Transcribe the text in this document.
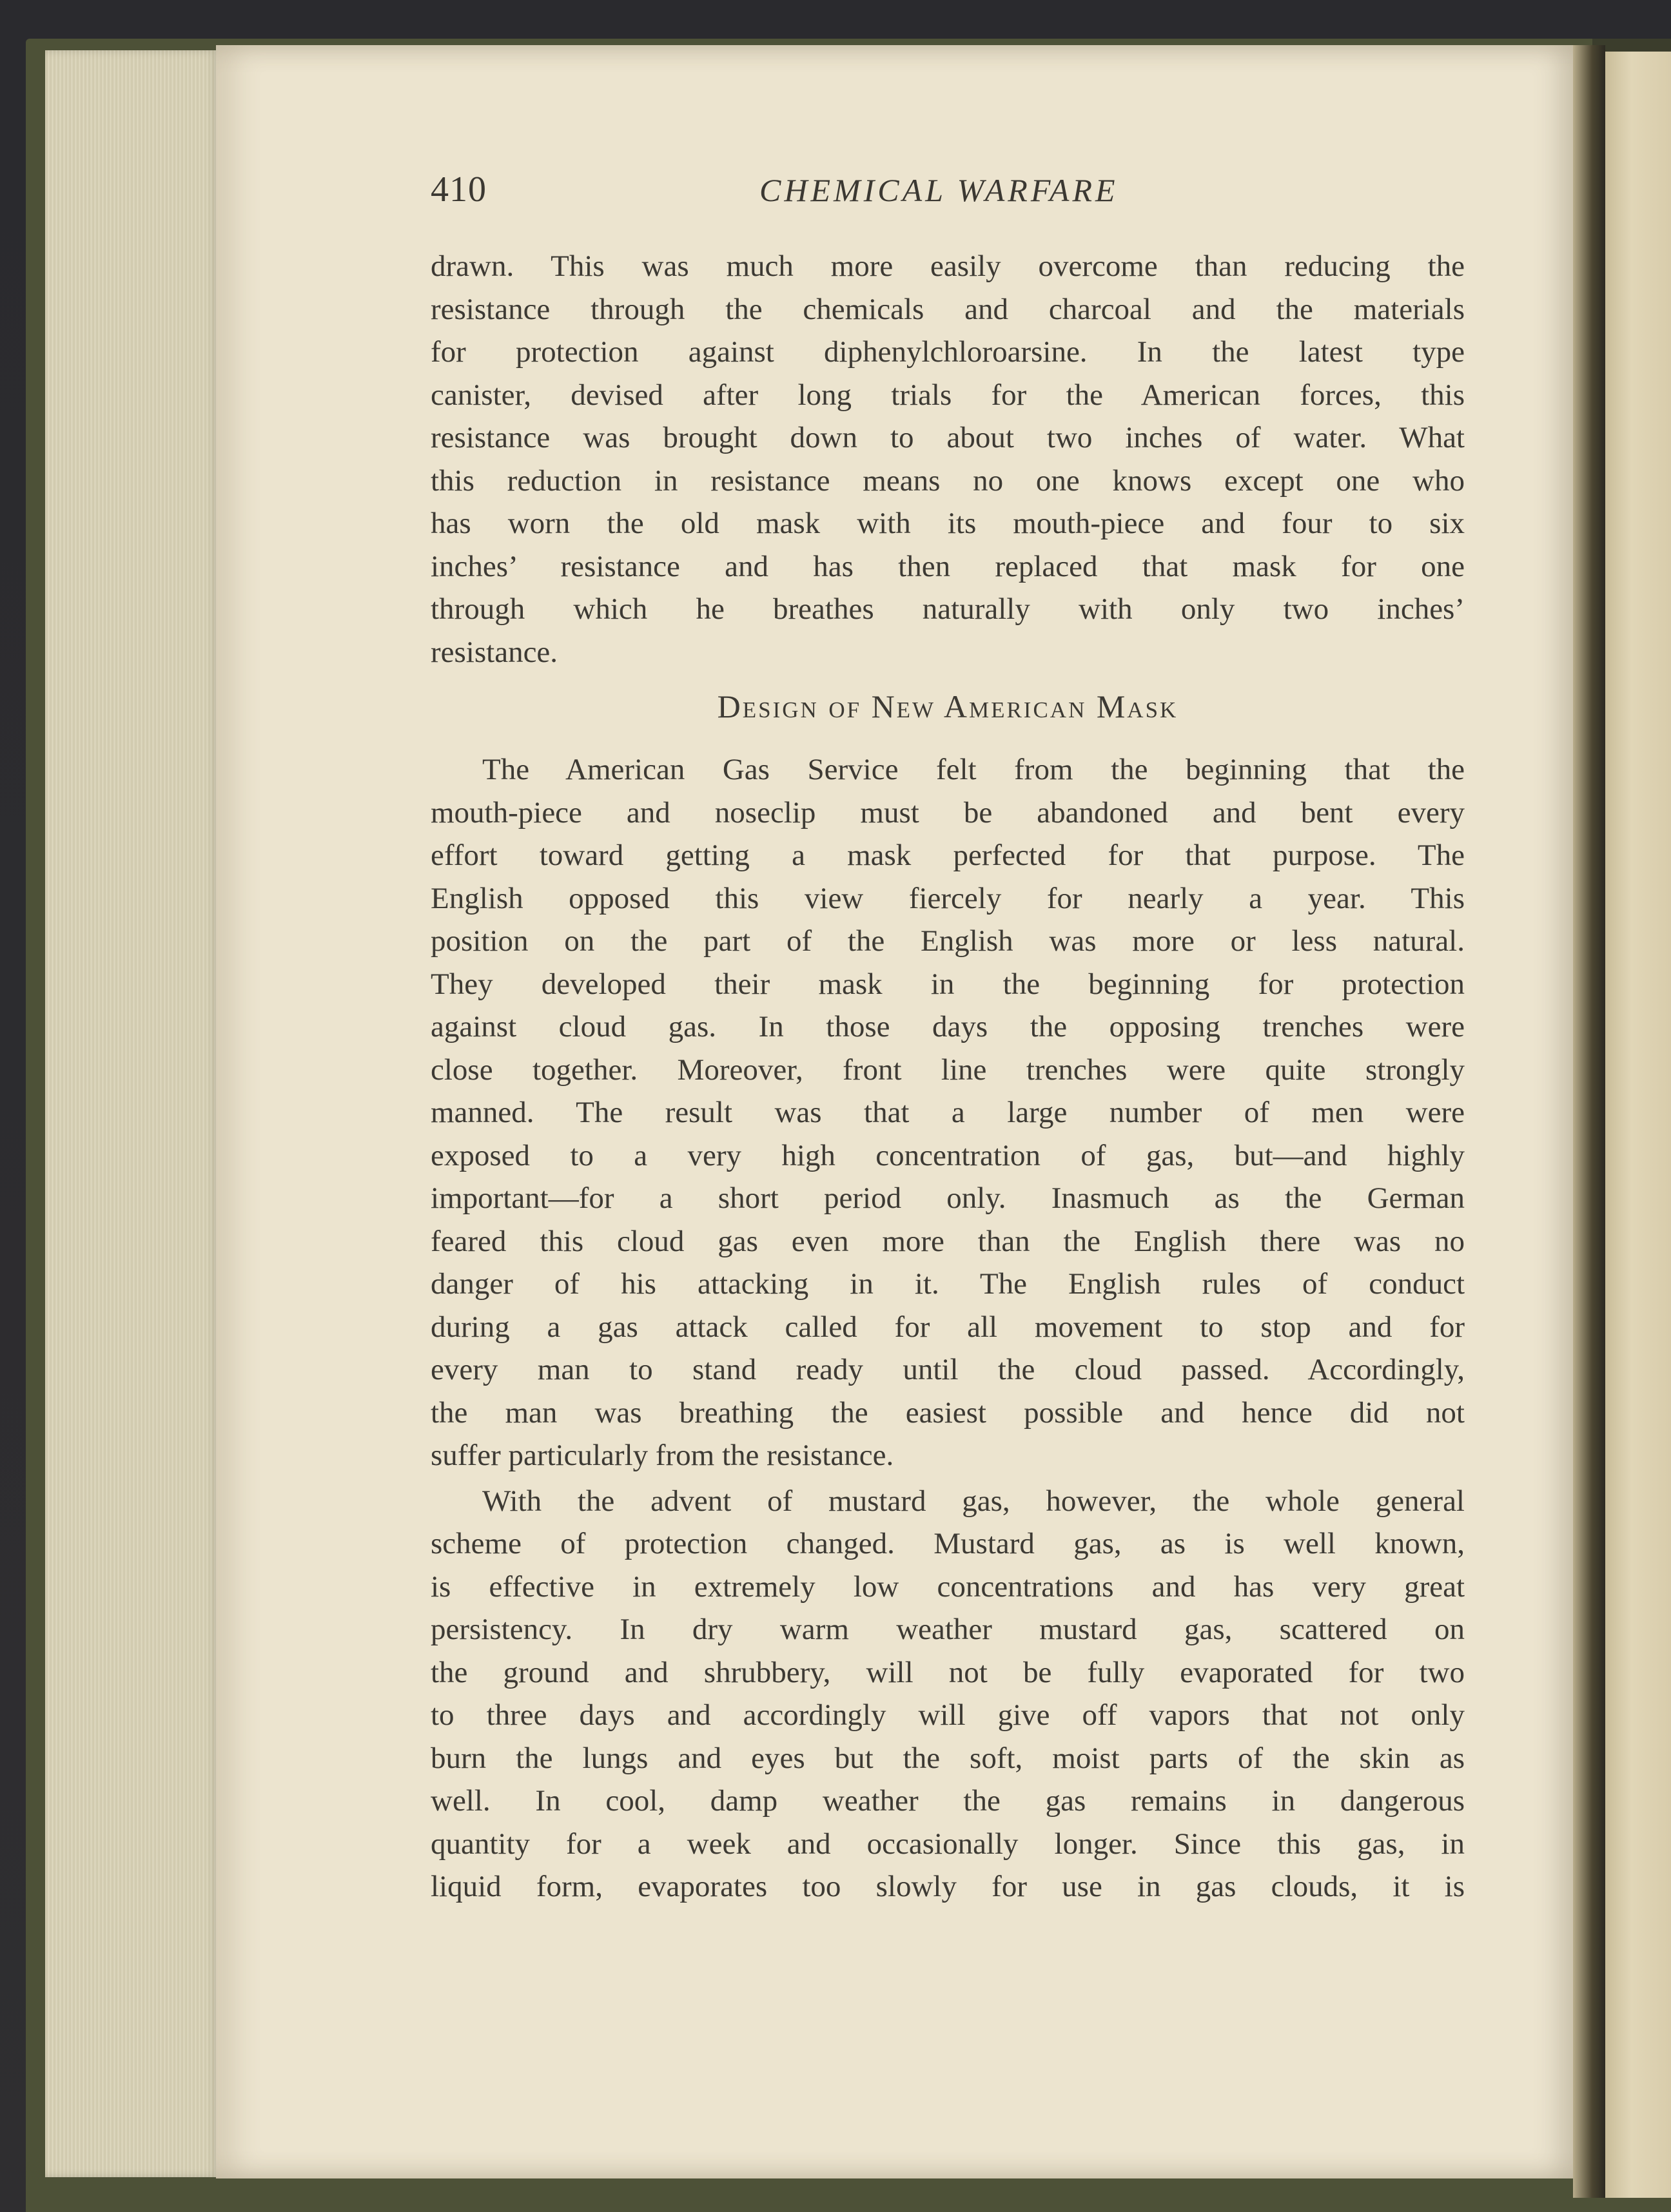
410	CHEMICAL WARFARE
drawn. This was much more easily overcome than reducing the
resistance through the chemicals and charcoal and the materials
for protection against diphenylchloroarsine. In the latest type
canister, devised after long trials for the American forces, this
resistance was brought down to about two inches of water. What
this reduction in resistance means no one knows except one who
has worn the old mask with its mouth-piece and four to six
inches’ resistance and has then replaced that mask for one
through which he breathes naturally with only two inches’
resistance.
Design of New American Mask
The American Gas Service felt from the beginning that the
mouth-piece and noseclip must be abandoned and bent every
effort toward getting a mask perfected for that purpose. The
English opposed this view fiercely for nearly a year. This
position on the part of the English was more or less natural.
They developed their mask in the beginning for protection
against cloud gas. In those days the opposing trenches were
close together. Moreover, front line trenches were quite strongly
manned. The result was that a large number of men were
exposed to a very high concentration of gas, but—and highly
important—for a short period only. Inasmuch as the German
feared this cloud gas even more than the English there was no
danger of his attacking in it. The English rules of conduct
during a gas attack called for all movement to stop and for
every man to stand ready until the cloud passed. Accordingly,
the man was breathing the easiest possible and hence did not
suffer particularly from the resistance.
With the advent of mustard gas, however, the whole general
scheme of protection changed. Mustard gas, as is well known,
is effective in extremely low concentrations and has very great
persistency. In dry warm weather mustard gas, scattered on
the ground and shrubbery, will not be fully evaporated for two
to three days and accordingly will give off vapors that not only
burn the lungs and eyes but the soft, moist parts of the skin as
well. In cool, damp weather the gas remains in dangerous
quantity for a week and occasionally longer. Since this gas, in
liquid form, evaporates too slowly for use in gas clouds, it is
